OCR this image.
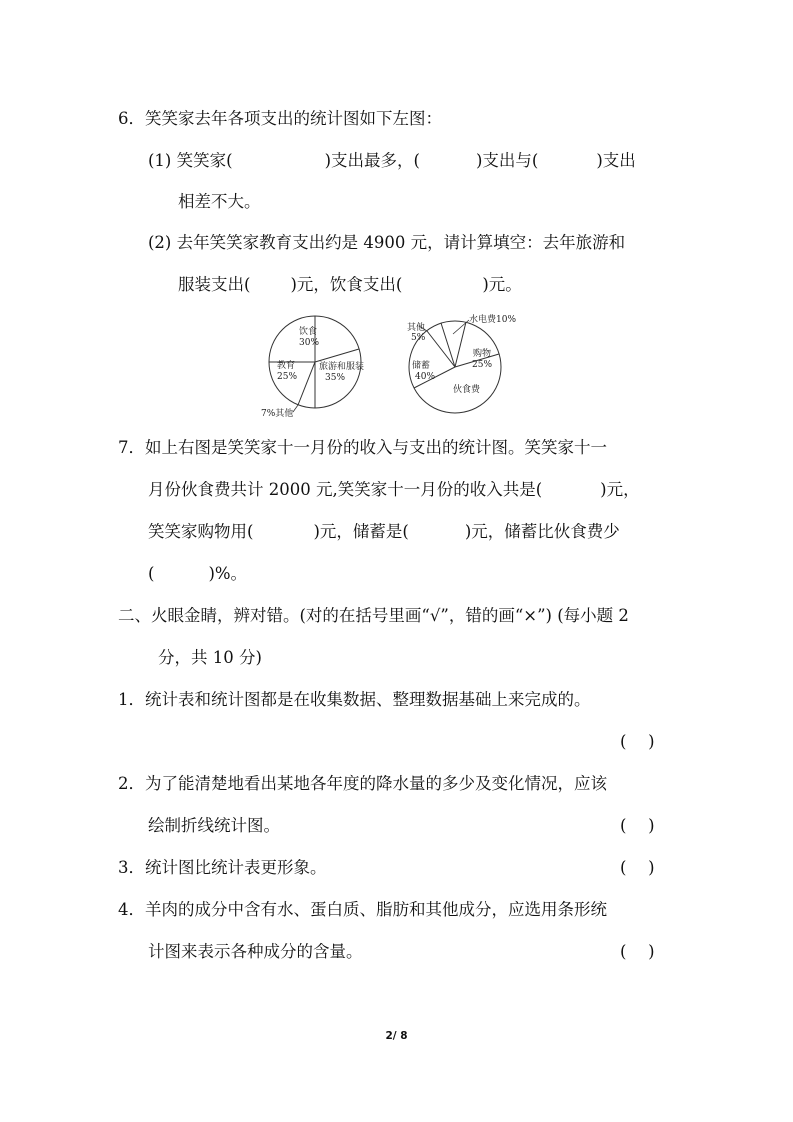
6．笑笑家去年各项支出的统计图如下左图：
(1) 笑笑家(	)支出最多，(	)支出与(	)支出
相差不大。
(2) 去年笑笑家教育支出约是 4900 元，请计算填空：去年旅游和
服装支出( )元，饮食支出(	)元。
饮食
30%
教育
25%
旅游和服装
35%
7%其他
其他
5%
水电费10%
购物
25%
储蓄
40%
伙食费
7．如上右图是笑笑家十一月份的收入与支出的统计图。笑笑家十一
月份伙食费共计 2000 元,笑笑家十一月份的收入共是(	)元，
笑笑家购物用(	)元，储蓄是(	)元，储蓄比伙食费少
(	)%。
二、火眼金睛，辨对错。(对的在括号里画“√”，错的画“×”) (每小题 2
分，共 10 分)
1．统计表和统计图都是在收集数据、整理数据基础上来完成的。
(　 )
2．为了能清楚地看出某地各年度的降水量的多少及变化情况，应该
绘制折线统计图。	(　 )
3．统计图比统计表更形象。	(　 )
4．羊肉的成分中含有水、蛋白质、脂肪和其他成分，应选用条形统
计图来表示各种成分的含量。	(　 )
2/ 8
